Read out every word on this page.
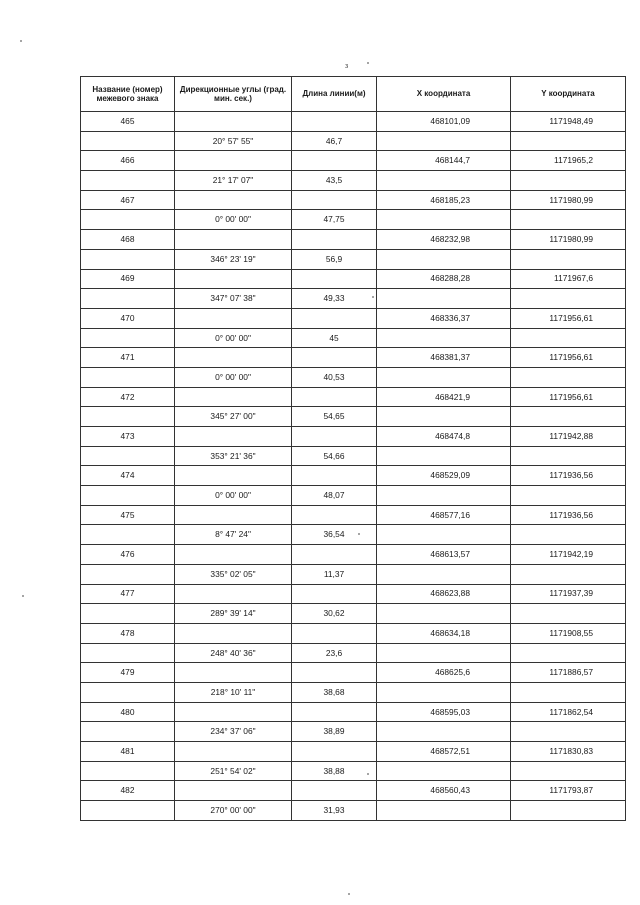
з
Название (номер) межевого знака	Дирекционные углы (град. мин. сек.)	Длина линии(м)	X координата	Y координата
465			468101,09	1171948,49
	20° 57' 55"	46,7		
466			468144,7	1171965,2
	21° 17' 07"	43,5		
467			468185,23	1171980,99
	0° 00' 00"	47,75		
468			468232,98	1171980,99
	346° 23' 19"	56,9		
469			468288,28	1171967,6
	347° 07' 38"	49,33		
470			468336,37	1171956,61
	0° 00' 00"	45		
471			468381,37	1171956,61
	0° 00' 00"	40,53		
472			468421,9	1171956,61
	345° 27' 00"	54,65		
473			468474,8	1171942,88
	353° 21' 36"	54,66		
474			468529,09	1171936,56
	0° 00' 00"	48,07		
475			468577,16	1171936,56
	8° 47' 24"	36,54		
476			468613,57	1171942,19
	335° 02' 05"	11,37		
477			468623,88	1171937,39
	289° 39' 14"	30,62		
478			468634,18	1171908,55
	248° 40' 36"	23,6		
479			468625,6	1171886,57
	218° 10' 11"	38,68		
480			468595,03	1171862,54
	234° 37' 06"	38,89		
481			468572,51	1171830,83
	251° 54' 02"	38,88		
482			468560,43	1171793,87
	270° 00' 00"	31,93		
